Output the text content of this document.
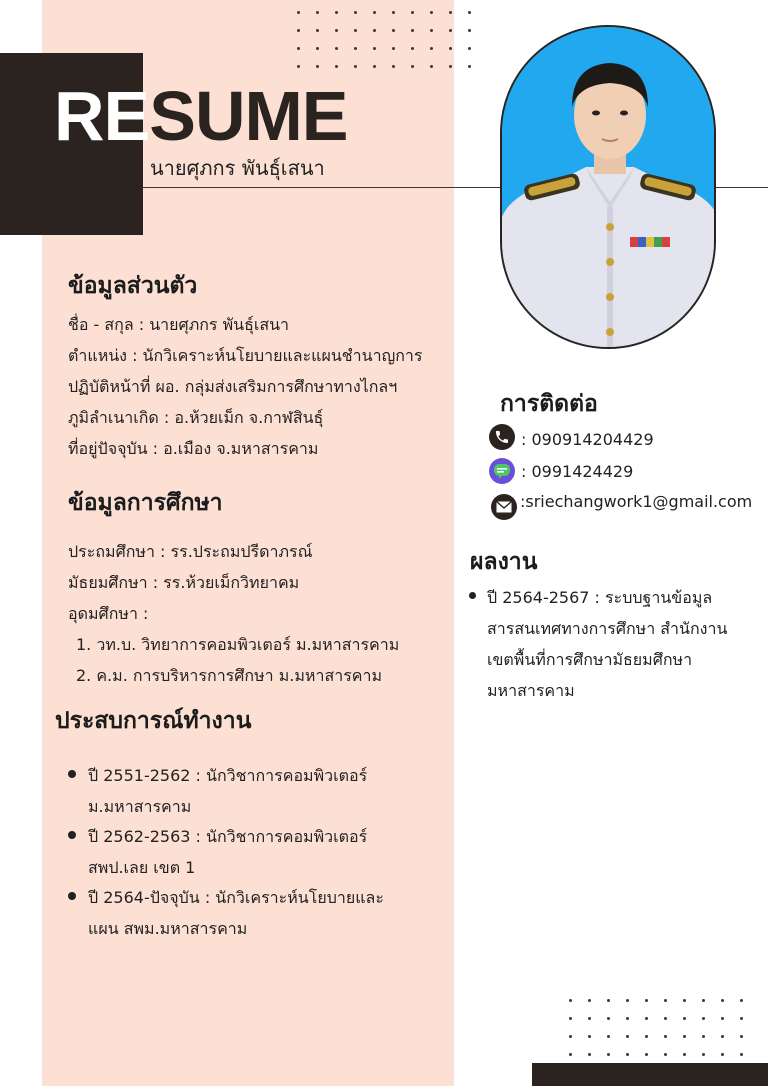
RESUME
นายศุภกร พันธุ์เสนา
ข้อมูลส่วนตัว
ชื่อ - สกุล : นายศุภกร พันธุ์เสนา
ตำแหน่ง : นักวิเคราะห์นโยบายและแผนชำนาญการ
ปฏิบัติหน้าที่ ผอ. กลุ่มส่งเสริมการศึกษาทางไกลฯ
ภูมิลำเนาเกิด : อ.ห้วยเม็ก จ.กาฬสินธุ์
ที่อยู่ปัจจุบัน : อ.เมือง จ.มหาสารคาม
ข้อมูลการศึกษา
ประถมศึกษา : รร.ประถมปรีดาภรณ์
มัธยมศึกษา : รร.ห้วยเม็กวิทยาคม
อุดมศึกษา :
1. วท.บ. วิทยาการคอมพิวเตอร์ ม.มหาสารคาม
2. ค.ม. การบริหารการศึกษา ม.มหาสารคาม
ประสบการณ์ทำงาน
ปี 2551-2562 : นักวิชาการคอมพิวเตอร์
ม.มหาสารคาม
ปี 2562-2563 : นักวิชาการคอมพิวเตอร์
สพป.เลย เขต 1
ปี 2564-ปัจจุบัน : นักวิเคราะห์นโยบายและ
แผน สพม.มหาสารคาม
การติดต่อ
: 090914204429
: 0991424429
:sriechangwork1@gmail.com
ผลงาน
ปี 2564-2567 : ระบบฐานข้อมูล
สารสนเทศทางการศึกษา สำนักงาน
เขตพื้นที่การศึกษามัธยมศึกษา
มหาสารคาม
